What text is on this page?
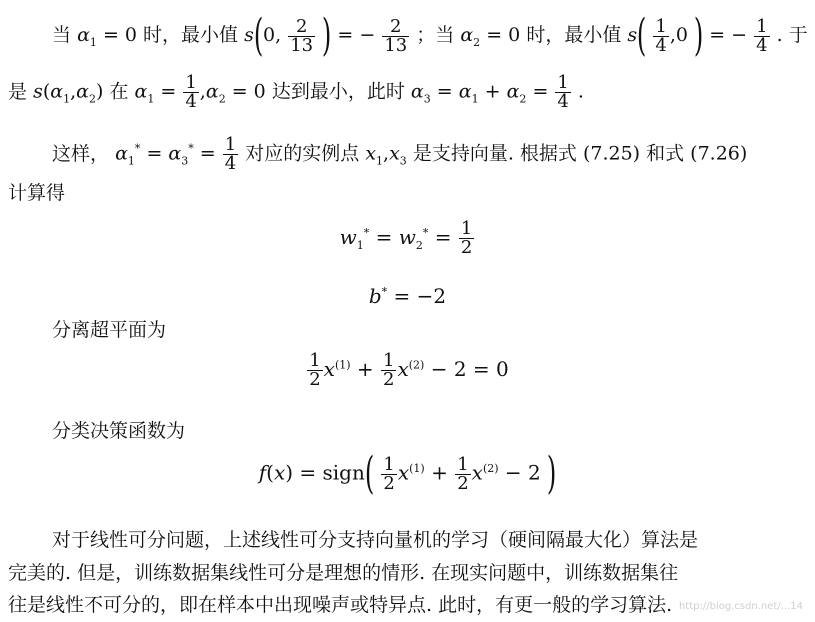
当 $\alpha_1 = 0$ 时，最小值 s(0, $\frac{2}{13}$ ) = − $\frac{2}{13}$ ；当 $\alpha_2 = 0$ 时，最小值 $s( \frac{1}{4} ,0$ ) = − $\frac{1}{4}$ . 于
是 $s(\alpha_1,\alpha_2)$ 在 $\alpha_1 = \frac{1}{4} ,\alpha_2 = 0$ 达到最小，此时 $\alpha_3 = \alpha_1 + \alpha_2 = \frac{1}{4}$ .
这样， $\alpha_1^* = \alpha_3^* = \frac{1}{4}$ 对应的实例点 $x_1,x_3$ 是支持向量. 根据式 (7.25) 和式 (7.26)
计算得
$w_1^* = w_2^* = \frac{1}{2}$
b* = −2
分离超平面为
$\frac{1}{2} x^{(1)} + \frac{1}{2} x^{(2)} - 2 = 0$
分类决策函数为
f(x) = sign( $\frac{1}{2} x^{(1)} + \frac{1}{2} x^{(2)} - 2$ )
对于线性可分问题，上述线性可分支持向量机的学习（硬间隔最大化）算法是
完美的. 但是，训练数据集线性可分是理想的情形. 在现实问题中，训练数据集往
往是线性不可分的，即在样本中出现噪声或特异点. 此时，有更一般的学习算法. http://blog.csdn.net/...14
